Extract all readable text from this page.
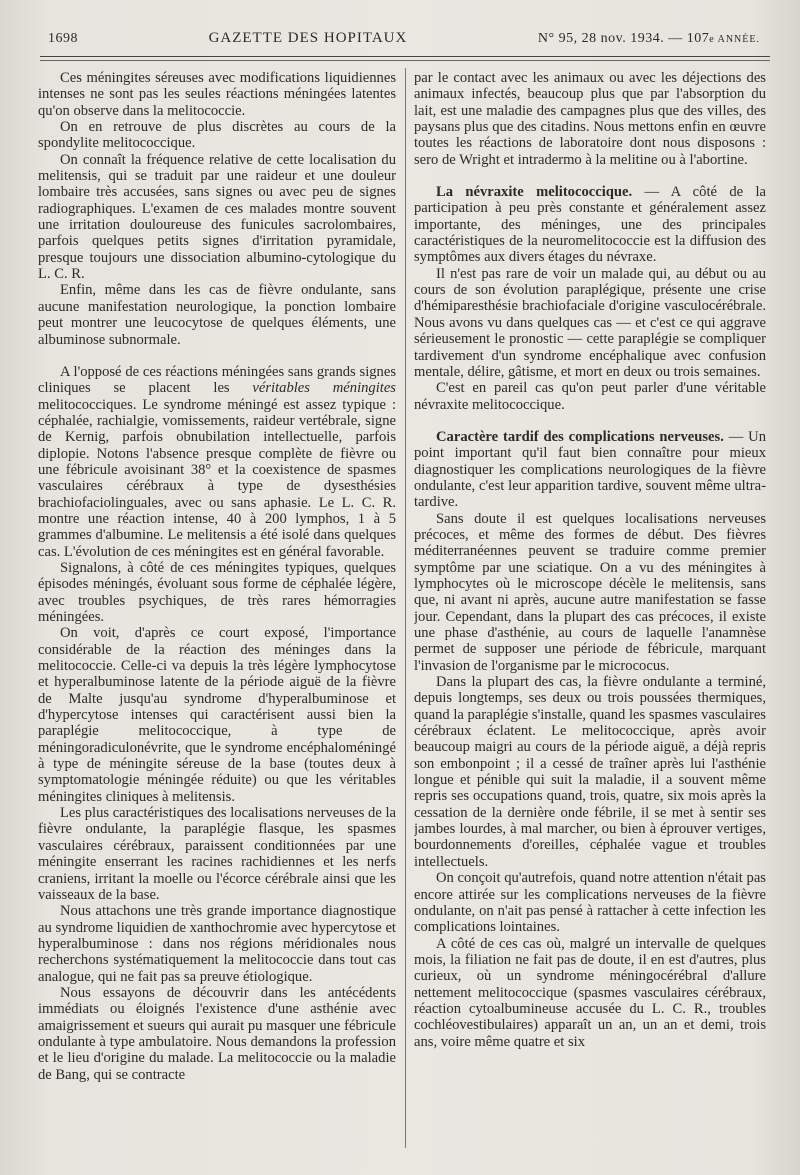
1698	GAZETTE DES HOPITAUX	N° 95, 28 nov. 1934. — 107e ANNÉE.

Ces méningites séreuses avec modifications liquidiennes intenses ne sont pas les seules réactions méningées latentes qu'on observe dans la melitococcie.

On en retrouve de plus discrètes au cours de la spondylite melitococcique.

On connaît la fréquence relative de cette localisation du melitensis, qui se traduit par une raideur et une douleur lombaire très accusées, sans signes ou avec peu de signes radiographiques. L'examen de ces malades montre souvent une irritation douloureuse des funicules sacrolombaires, parfois quelques petits signes d'irritation pyramidale, presque toujours une dissociation albumino-cytologique du L. C. R.

Enfin, même dans les cas de fièvre ondulante, sans aucune manifestation neurologique, la ponction lombaire peut montrer une leucocytose de quelques éléments, une albuminose subnormale.

A l'opposé de ces réactions méningées sans grands signes cliniques se placent les véritables méningites melitococciques. Le syndrome méningé est assez typique : céphalée, rachialgie, vomissements, raideur vertébrale, signe de Kernig, parfois obnubilation intellectuelle, parfois diplopie. Notons l'absence presque complète de fièvre ou une fébricule avoisinant 38° et la coexistence de spasmes vasculaires cérébraux à type de dysesthésies brachiofaciolinguales, avec ou sans aphasie. Le L. C. R. montre une réaction intense, 40 à 200 lymphos, 1 à 5 grammes d'albumine. Le melitensis a été isolé dans quelques cas. L'évolution de ces méningites est en général favorable.

Signalons, à côté de ces méningites typiques, quelques épisodes méningés, évoluant sous forme de céphalée légère, avec troubles psychiques, de très rares hémorragies méningées.

On voit, d'après ce court exposé, l'importance considérable de la réaction des méninges dans la melitococcie. Celle-ci va depuis la très légère lymphocytose et hyperalbuminose latente de la période aiguë de la fièvre de Malte jusqu'au syndrome d'hyperalbuminose et d'hypercytose intenses qui caractérisent aussi bien la paraplégie melitococcique, à type de méningoradiculonévrite, que le syndrome encéphaloméningé à type de méningite séreuse de la base (toutes deux à symptomatologie méningée réduite) ou que les véritables méningites cliniques à melitensis.

Les plus caractéristiques des localisations nerveuses de la fièvre ondulante, la paraplégie flasque, les spasmes vasculaires cérébraux, paraissent conditionnées par une méningite enserrant les racines rachidiennes et les nerfs craniens, irritant la moelle ou l'écorce cérébrale ainsi que les vaisseaux de la base.

Nous attachons une très grande importance diagnostique au syndrome liquidien de xanthochromie avec hypercytose et hyperalbuminose : dans nos régions méridionales nous recherchons systématiquement la melitococcie dans tout cas analogue, qui ne fait pas sa preuve étiologique.

Nous essayons de découvrir dans les antécédents immédiats ou éloignés l'existence d'une asthénie avec amaigrissement et sueurs qui aurait pu masquer une fébricule ondulante à type ambulatoire. Nous demandons la profession et le lieu d'origine du malade. La melitococcie ou la maladie de Bang, qui se contracte

par le contact avec les animaux ou avec les déjections des animaux infectés, beaucoup plus que par l'absorption du lait, est une maladie des campagnes plus que des villes, des paysans plus que des citadins. Nous mettons enfin en œuvre toutes les réactions de laboratoire dont nous disposons : sero de Wright et intradermo à la melitine ou à l'abortine.

La névraxite melitococcique. — A côté de la participation à peu près constante et généralement assez importante, des méninges, une des principales caractéristiques de la neuromelitococcie est la diffusion des symptômes aux divers étages du névraxe.

Il n'est pas rare de voir un malade qui, au début ou au cours de son évolution paraplégique, présente une crise d'hémiparesthésie brachiofaciale d'origine vasculocérébrale. Nous avons vu dans quelques cas — et c'est ce qui aggrave sérieusement le pronostic — cette paraplégie se compliquer tardivement d'un syndrome encéphalique avec confusion mentale, délire, gâtisme, et mort en deux ou trois semaines.

C'est en pareil cas qu'on peut parler d'une véritable névraxite melitococcique.

Caractère tardif des complications nerveuses. — Un point important qu'il faut bien connaître pour mieux diagnostiquer les complications neurologiques de la fièvre ondulante, c'est leur apparition tardive, souvent même ultra-tardive.

Sans doute il est quelques localisations nerveuses précoces, et même des formes de début. Des fièvres méditerranéennes peuvent se traduire comme premier symptôme par une sciatique. On a vu des méningites à lymphocytes où le microscope décèle le melitensis, sans que, ni avant ni après, aucune autre manifestation se fasse jour. Cependant, dans la plupart des cas précoces, il existe une phase d'asthénie, au cours de laquelle l'anamnèse permet de supposer une période de fébricule, marquant l'invasion de l'organisme par le micrococus.

Dans la plupart des cas, la fièvre ondulante a terminé, depuis longtemps, ses deux ou trois poussées thermiques, quand la paraplégie s'installe, quand les spasmes vasculaires cérébraux éclatent. Le melitococcique, après avoir beaucoup maigri au cours de la période aiguë, a déjà repris son embonpoint ; il a cessé de traîner après lui l'asthénie longue et pénible qui suit la maladie, il a souvent même repris ses occupations quand, trois, quatre, six mois après la cessation de la dernière onde fébrile, il se met à sentir ses jambes lourdes, à mal marcher, ou bien à éprouver vertiges, bourdonnements d'oreilles, céphalée vague et troubles intellectuels.

On conçoit qu'autrefois, quand notre attention n'était pas encore attirée sur les complications nerveuses de la fièvre ondulante, on n'ait pas pensé à rattacher à cette infection les complications lointaines.

A côté de ces cas où, malgré un intervalle de quelques mois, la filiation ne fait pas de doute, il en est d'autres, plus curieux, où un syndrome méningocérébral d'allure nettement melitococcique (spasmes vasculaires cérébraux, réaction cytoalbumineuse accusée du L. C. R., troubles cochléovestibulaires) apparaît un an, un an et demi, trois ans, voire même quatre et six
